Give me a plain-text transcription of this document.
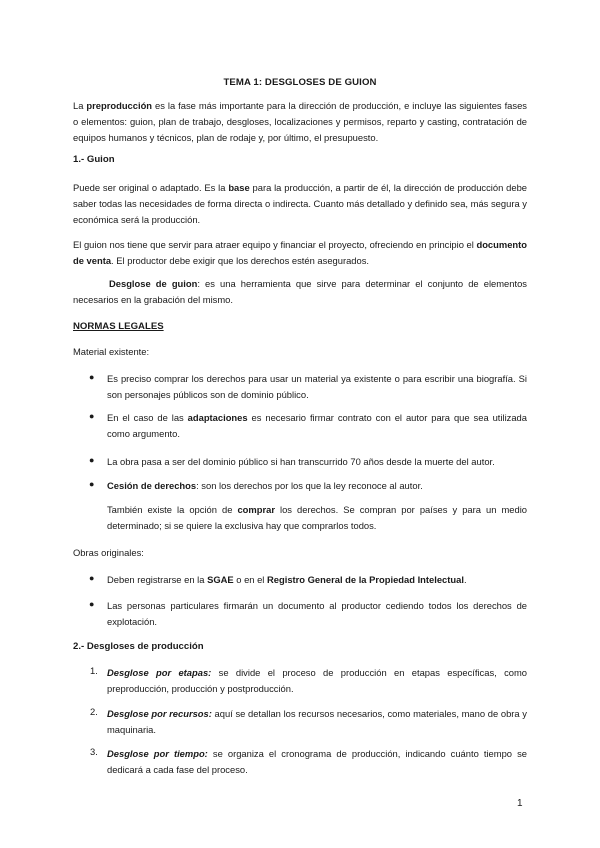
TEMA 1: DESGLOSES DE GUION
La preproducción es la fase más importante para la dirección de producción, e incluye las siguientes fases o elementos: guion, plan de trabajo, desgloses, localizaciones y permisos, reparto y casting, contratación de equipos humanos y técnicos, plan de rodaje y, por último, el presupuesto.
1.- Guion
Puede ser original o adaptado. Es la base para la producción, a partir de él, la dirección de producción debe saber todas las necesidades de forma directa o indirecta. Cuanto más detallado y definido sea, más segura y económica será la producción.
El guion nos tiene que servir para atraer equipo y financiar el proyecto, ofreciendo en principio el documento de venta. El productor debe exigir que los derechos estén asegurados.
Desglose de guion: es una herramienta que sirve para determinar el conjunto de elementos necesarios en la grabación del mismo.
NORMAS LEGALES
Material existente:
● Es preciso comprar los derechos para usar un material ya existente o para escribir una biografía. Si son personajes públicos son de dominio público.
● En el caso de las adaptaciones es necesario firmar contrato con el autor para que sea utilizada como argumento.
● La obra pasa a ser del dominio público si han transcurrido 70 años desde la muerte del autor.
● Cesión de derechos: son los derechos por los que la ley reconoce al autor.
También existe la opción de comprar los derechos. Se compran por países y para un medio determinado; si se quiere la exclusiva hay que comprarlos todos.
Obras originales:
● Deben registrarse en la SGAE o en el Registro General de la Propiedad Intelectual.
● Las personas particulares firmarán un documento al productor cediendo todos los derechos de explotación.
2.- Desgloses de producción
1. Desglose por etapas: se divide el proceso de producción en etapas específicas, como preproducción, producción y postproducción.
2. Desglose por recursos: aquí se detallan los recursos necesarios, como materiales, mano de obra y maquinaria.
3. Desglose por tiempo: se organiza el cronograma de producción, indicando cuánto tiempo se dedicará a cada fase del proceso.
1
